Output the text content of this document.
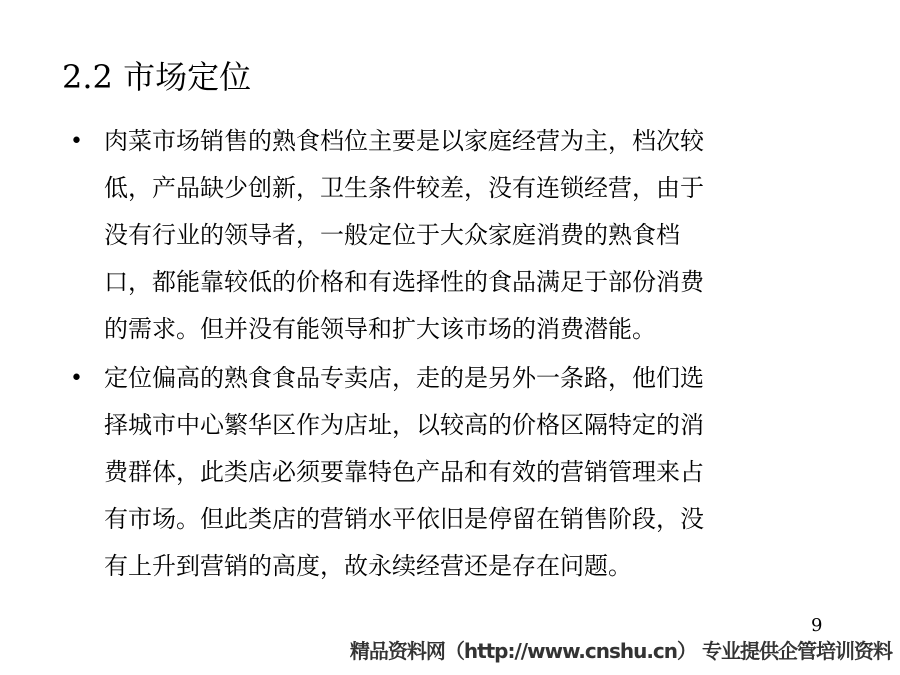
2.2 市场定位
• 肉菜市场销售的熟食档位主要是以家庭经营为主，档次较
低，产品缺少创新，卫生条件较差，没有连锁经营，由于
没有行业的领导者，一般定位于大众家庭消费的熟食档
口，都能靠较低的价格和有选择性的食品满足于部份消费
的需求。但并没有能领导和扩大该市场的消费潜能。
• 定位偏高的熟食食品专卖店，走的是另外一条路，他们选
择城市中心繁华区作为店址，以较高的价格区隔特定的消
费群体，此类店必须要靠特色产品和有效的营销管理来占
有市场。但此类店的营销水平依旧是停留在销售阶段，没
有上升到营销的高度，故永续经营还是存在问题。
9
精品资料网（http://www.cnshu.cn） 专业提供企管培训资料
